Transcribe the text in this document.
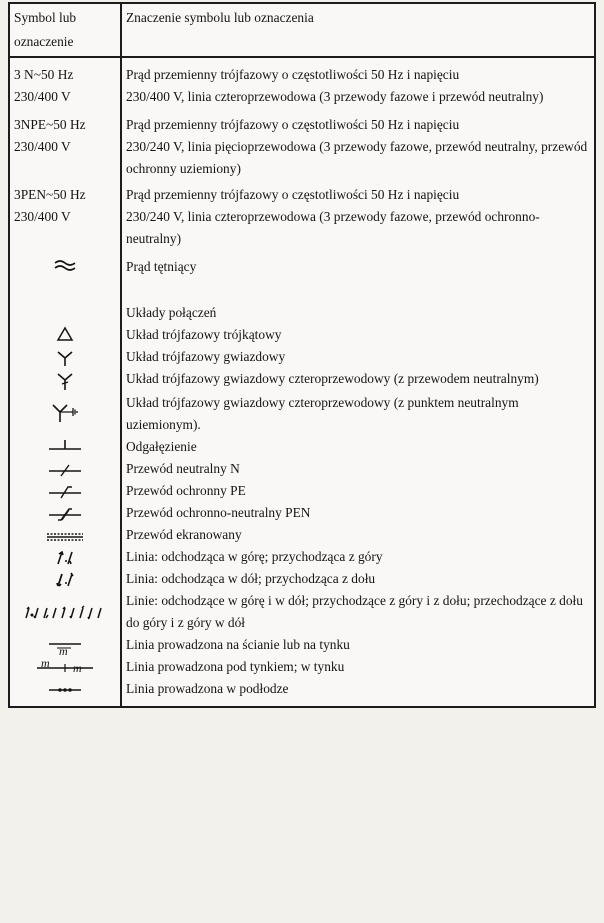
Symbol lub oznaczenie	Znaczenie symbolu lub oznaczenia
3 N~50 Hz	Prąd przemienny trójfazowy o częstotliwości 50 Hz i napięciu
230/400 V	230/400 V, linia czteroprzewodowa (3 przewody fazowe i przewód neutralny)
3NPE~50 Hz	Prąd przemienny trójfazowy o częstotliwości 50 Hz i napięciu
230/400 V	230/240 V, linia pięcioprzewodowa (3 przewody fazowe, przewód neutralny, przewód ochronny uziemiony)
3PEN~50 Hz	Prąd przemienny trójfazowy o częstotliwości 50 Hz i napięciu
230/400 V	230/240 V, linia czteroprzewodowa (3 przewody fazowe, przewód ochronno-neutralny)

	Prąd tętniący

	Układy połączeń

	Układ trójfazowy trójkątowy

	Układ trójfazowy gwiazdowy

	Układ trójfazowy gwiazdowy czteroprzewodowy (z przewodem neutralnym)

	Układ trójfazowy gwiazdowy czteroprzewodowy (z punktem neutralnym uziemionym).

	Odgałęzienie

	Przewód neutralny N

	Przewód ochronny PE

	Przewód ochronno-neutralny PEN

	Przewód ekranowany

	Linia: odchodząca w górę; przychodząca z góry

	Linia: odchodząca w dół; przychodząca z dołu

	Linie: odchodzące w górę i w dół; przychodzące z góry i z dołu; przechodzące z dołu do góry i z góry w dół

m	Linia prowadzona na ścianie lub na tynku

m m	Linia prowadzona pod tynkiem; w tynku

	Linia prowadzona w podłodze
